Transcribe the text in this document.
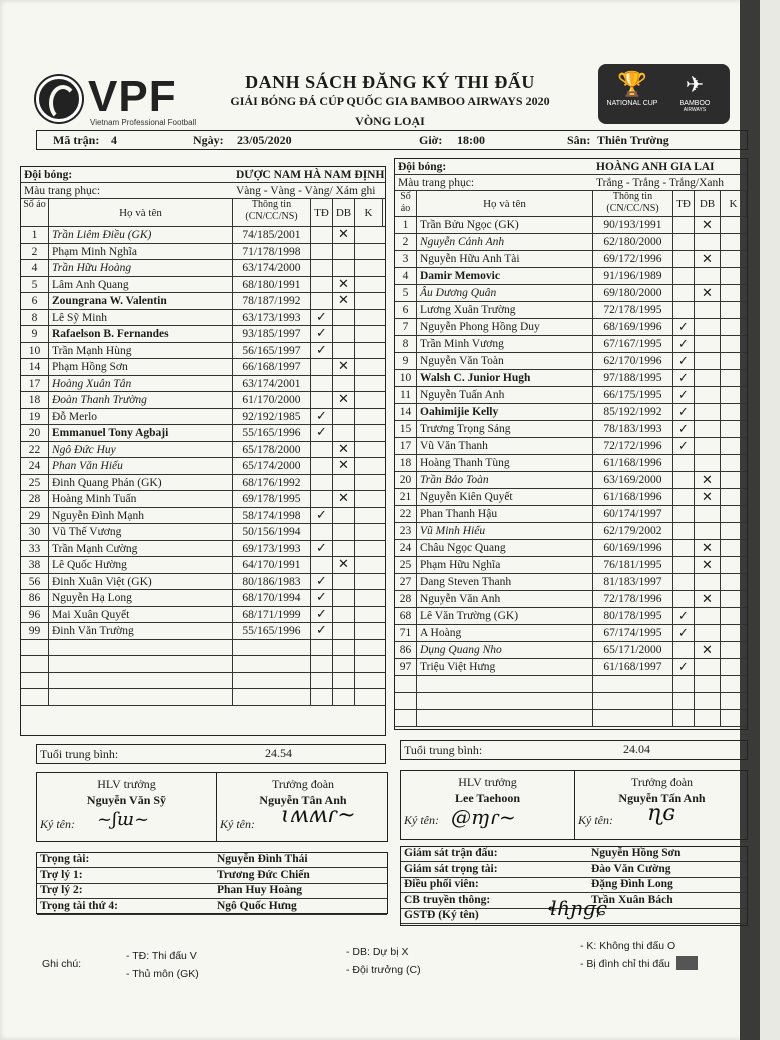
VPF
Vietnam Professional Football
DANH SÁCH ĐĂNG KÝ THI ĐẤU
GIẢI BÓNG ĐÁ CÚP QUỐC GIA BAMBOO AIRWAYS 2020
VÒNG LOẠI
🏆
NATIONAL CUP
✈
BAMBOO
AIRWAYS
Mã trận: 4	Ngày: 23/05/2020	Giờ: 18:00	Sân: Thiên Trường
Đội bóng:	DƯỢC NAM HÀ NAM ĐỊNH
Màu trang phục:	Vàng - Vàng - Vàng/ Xám ghi
Số áo
Họ và tên
Thông tin (CN/CC/NS)	TĐ DB	K
1	Trần Liêm Điều (GK)	74/185/2001	✕
2	Phạm Minh Nghĩa	71/178/1998
4	Trần Hữu Hoàng	63/174/2000
5	Lâm Anh Quang	68/180/1991	✕
6	Zoungrana W. Valentin	78/187/1992	✕
8	Lê Sỹ Minh	63/173/1993	✓
9	Rafaelson B. Fernandes	93/185/1997	✓
10	Trần Mạnh Hùng	56/165/1997	✓
14	Phạm Hồng Sơn	66/168/1997	✕
17	Hoàng Xuân Tân	63/174/2001
18	Đoàn Thanh Trường	61/170/2000	✕
19	Đỗ Merlo	92/192/1985	✓
20	Emmanuel Tony Agbaji	55/165/1996	✓
22	Ngô Đức Huy	65/178/2000	✕
24	Phan Văn Hiếu	65/174/2000	✕
25	Đinh Quang Phán (GK)	68/176/1992
28	Hoàng Minh Tuấn	69/178/1995	✕
29	Nguyễn Đình Mạnh	58/174/1998	✓
30	Vũ Thế Vương	50/156/1994
33	Trần Mạnh Cường	69/173/1993	✓
38	Lê Quốc Hường	64/170/1991	✕
56	Đinh Xuân Việt (GK)	80/186/1983	✓
86	Nguyễn Hạ Long	68/170/1994	✓
96	Mai Xuân Quyết	68/171/1999	✓
99	Đinh Văn Trường	55/165/1996	✓
Đội bóng:	HOÀNG ANH GIA LAI
Màu trang phục:	Trắng - Trắng - Trắng/Xanh
Số áo	Họ và tên
Thông tin (CN/CC/NS)	TĐ DB	K
1	Trần Bửu Ngọc (GK)	90/193/1991	✕
2	Nguyễn Cảnh Anh	62/180/2000
3	Nguyễn Hữu Anh Tài	69/172/1996	✕
4	Damir Memovic	91/196/1989
5	Âu Dương Quân	69/180/2000	✕
6	Lương Xuân Trường	72/178/1995
7	Nguyễn Phong Hồng Duy	68/169/1996	✓
8	Trần Minh Vương	67/167/1995	✓
9	Nguyễn Văn Toàn	62/170/1996	✓
10 Walsh C. Junior Hugh	97/188/1995	✓
11 Nguyễn Tuấn Anh	66/175/1995	✓
14 Oahimijie Kelly	85/192/1992	✓
15 Trương Trọng Sáng	78/183/1993	✓
17 Vũ Văn Thanh	72/172/1996	✓
18 Hoàng Thanh Tùng	61/168/1996
20 Trần Bảo Toàn	63/169/2000	✕
21 Nguyễn Kiên Quyết	61/168/1996	✕
22 Phan Thanh Hậu	60/174/1997
23 Vũ Minh Hiếu	62/179/2002
24 Châu Ngọc Quang	60/169/1996	✕
25 Phạm Hữu Nghĩa	76/181/1995	✕
27 Dang Steven Thanh	81/183/1997
28 Nguyễn Văn Anh	72/178/1996	✕
68 Lê Văn Trường (GK)	80/178/1995	✓
71 A Hoàng	67/174/1995	✓
86 Dụng Quang Nho	65/171/2000	✕
97 Triệu Việt Hưng	61/168/1997	✓
Tuổi trung bình:	24.54	Tuổi trung bình:	24.04
HLV trưởng
Nguyễn Văn Sỹ
Ký tên: ~ʃɯ~
Trưởng đoàn
Nguyễn Tân Anh
Ký tên: ɩʍʍɾ~
HLV trưởng
Lee Taehoon
Ký tên: @ɱɾ~
Trưởng đoàn
Nguyễn Tấn Anh
Ký tên: ɳɢ
Trọng tài:	Nguyễn Đình Thái
Trợ lý 1:	Trương Đức Chiến
Trợ lý 2:	Phan Huy Hoàng
Trọng tài thứ 4:	Ngô Quốc Hưng
Giám sát trận đấu:	Nguyễn Hồng Sơn
Giám sát trọng tài:	Đào Văn Cường
Điều phối viên:	Đặng Đình Long
CB truyền thông:	Trần Xuân Bách
GSTĐ (Ký tên)	ɬɦɲɡɕ
Ghi chú:
- TĐ: Thi đấu V
- Thủ môn (GK)
- DB: Dự bị X
- Đội trưởng (C)
- K: Không thi đấu O
- Bị đình chỉ thi đấu
